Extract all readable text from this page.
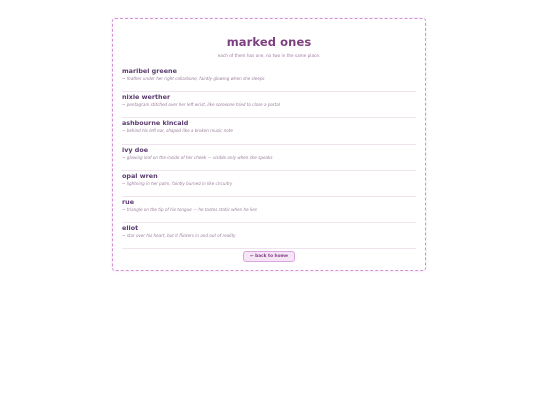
marked ones
each of them has one, no two in the same place.
maribel greene
~ feather under her right collarbone, faintly glowing when she sleeps
nixie werther
~ pentagram stitched over her left wrist, like someone tried to close a portal
ashbourne kincaid
~ behind his left ear, shaped like a broken music note
ivy doe
~ glowing leaf on the inside of her cheek — visible only when she speaks
opal wren
~ lightning in her palm, faintly burned in like circuitry
rue
~ triangle on the tip of his tongue — he tastes static when he lies
eliot
~ star over his heart, but it flickers in and out of reality
← back to home
